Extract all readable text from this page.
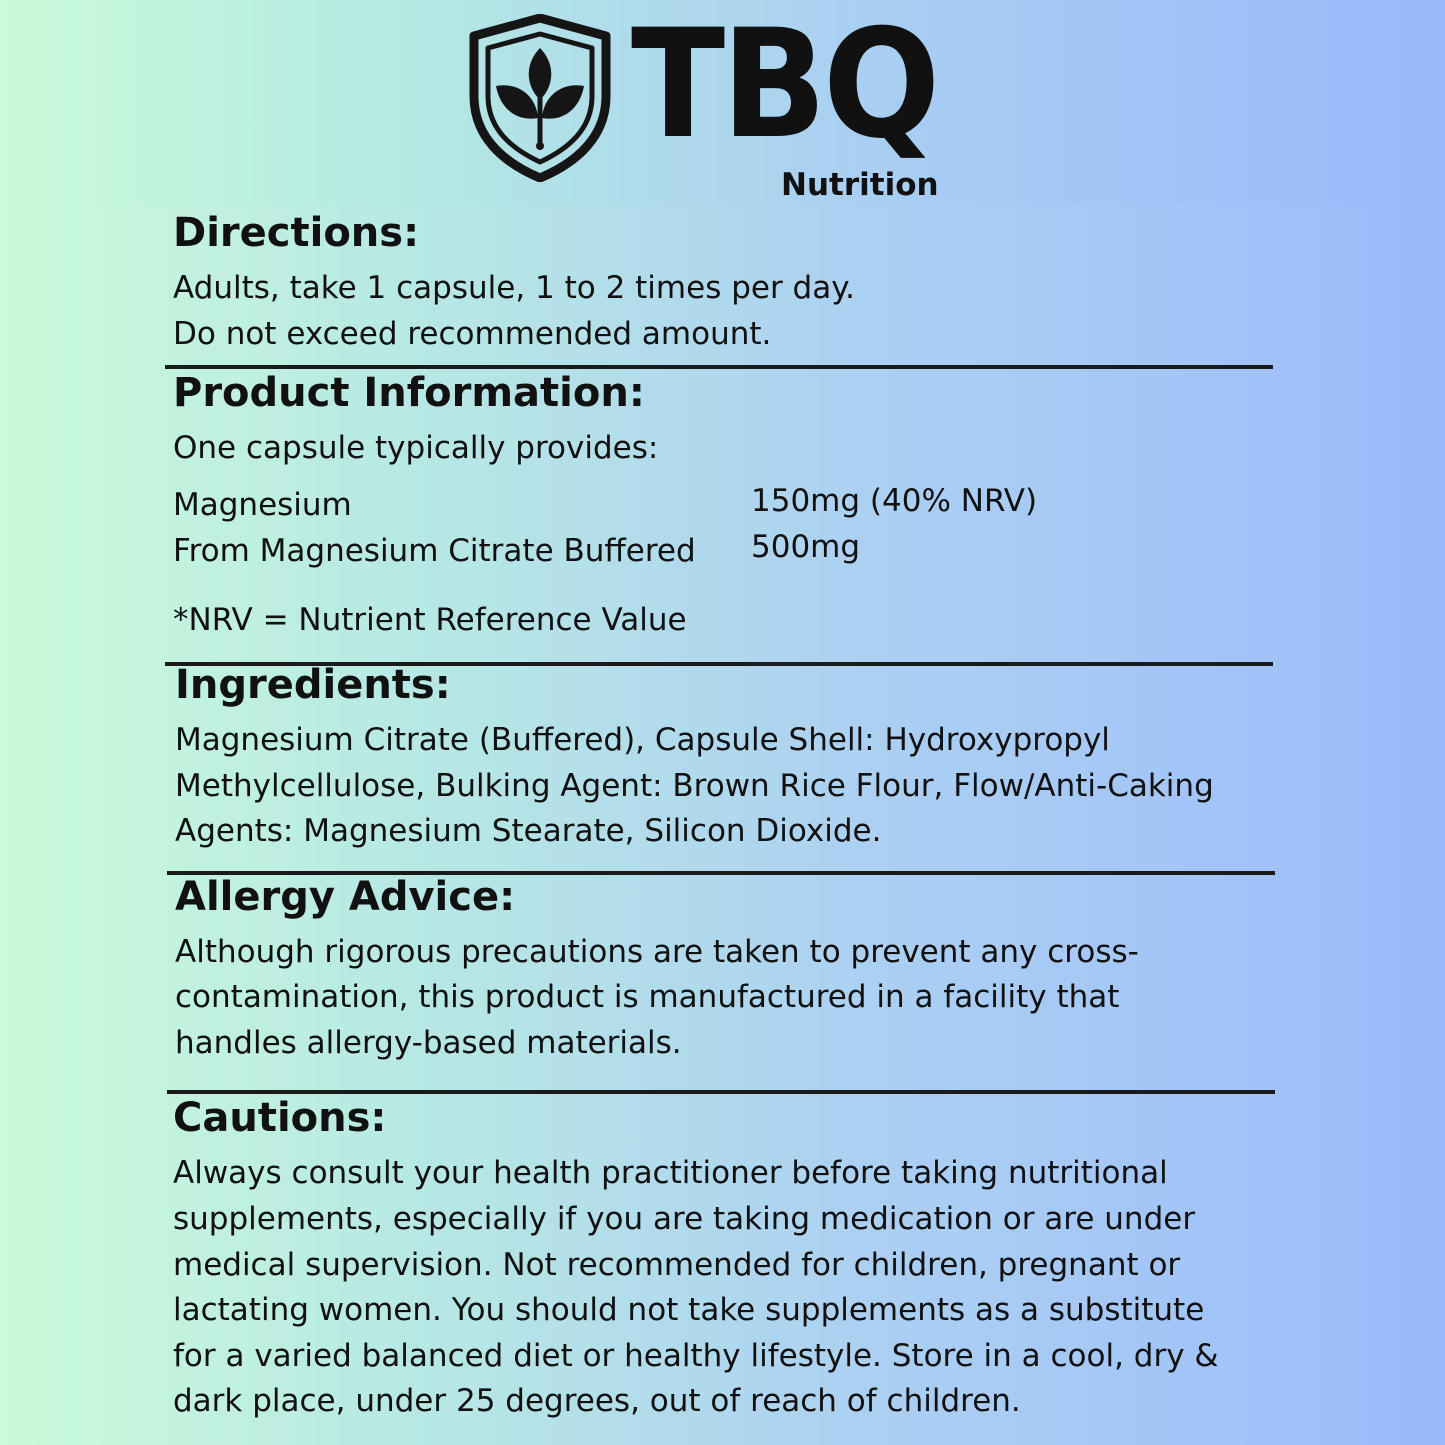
TBQ
Nutrition
Directions:
Adults, take 1 capsule, 1 to 2 times per day.
Do not exceed recommended amount.
Product Information:
One capsule typically provides:
Magnesium	150mg (40% NRV)
From Magnesium Citrate Buffered 500mg
*NRV = Nutrient Reference Value
Ingredients:
Magnesium Citrate (Buffered), Capsule Shell: Hydroxypropyl
Methylcellulose, Bulking Agent: Brown Rice Flour, Flow/Anti-Caking
Agents: Magnesium Stearate, Silicon Dioxide.
Allergy Advice:
Although rigorous precautions are taken to prevent any cross-
contamination, this product is manufactured in a facility that
handles allergy-based materials.
Cautions:
Always consult your health practitioner before taking nutritional
supplements, especially if you are taking medication or are under
medical supervision. Not recommended for children, pregnant or
lactating women. You should not take supplements as a substitute
for a varied balanced diet or healthy lifestyle. Store in a cool, dry &
dark place, under 25 degrees, out of reach of children.
